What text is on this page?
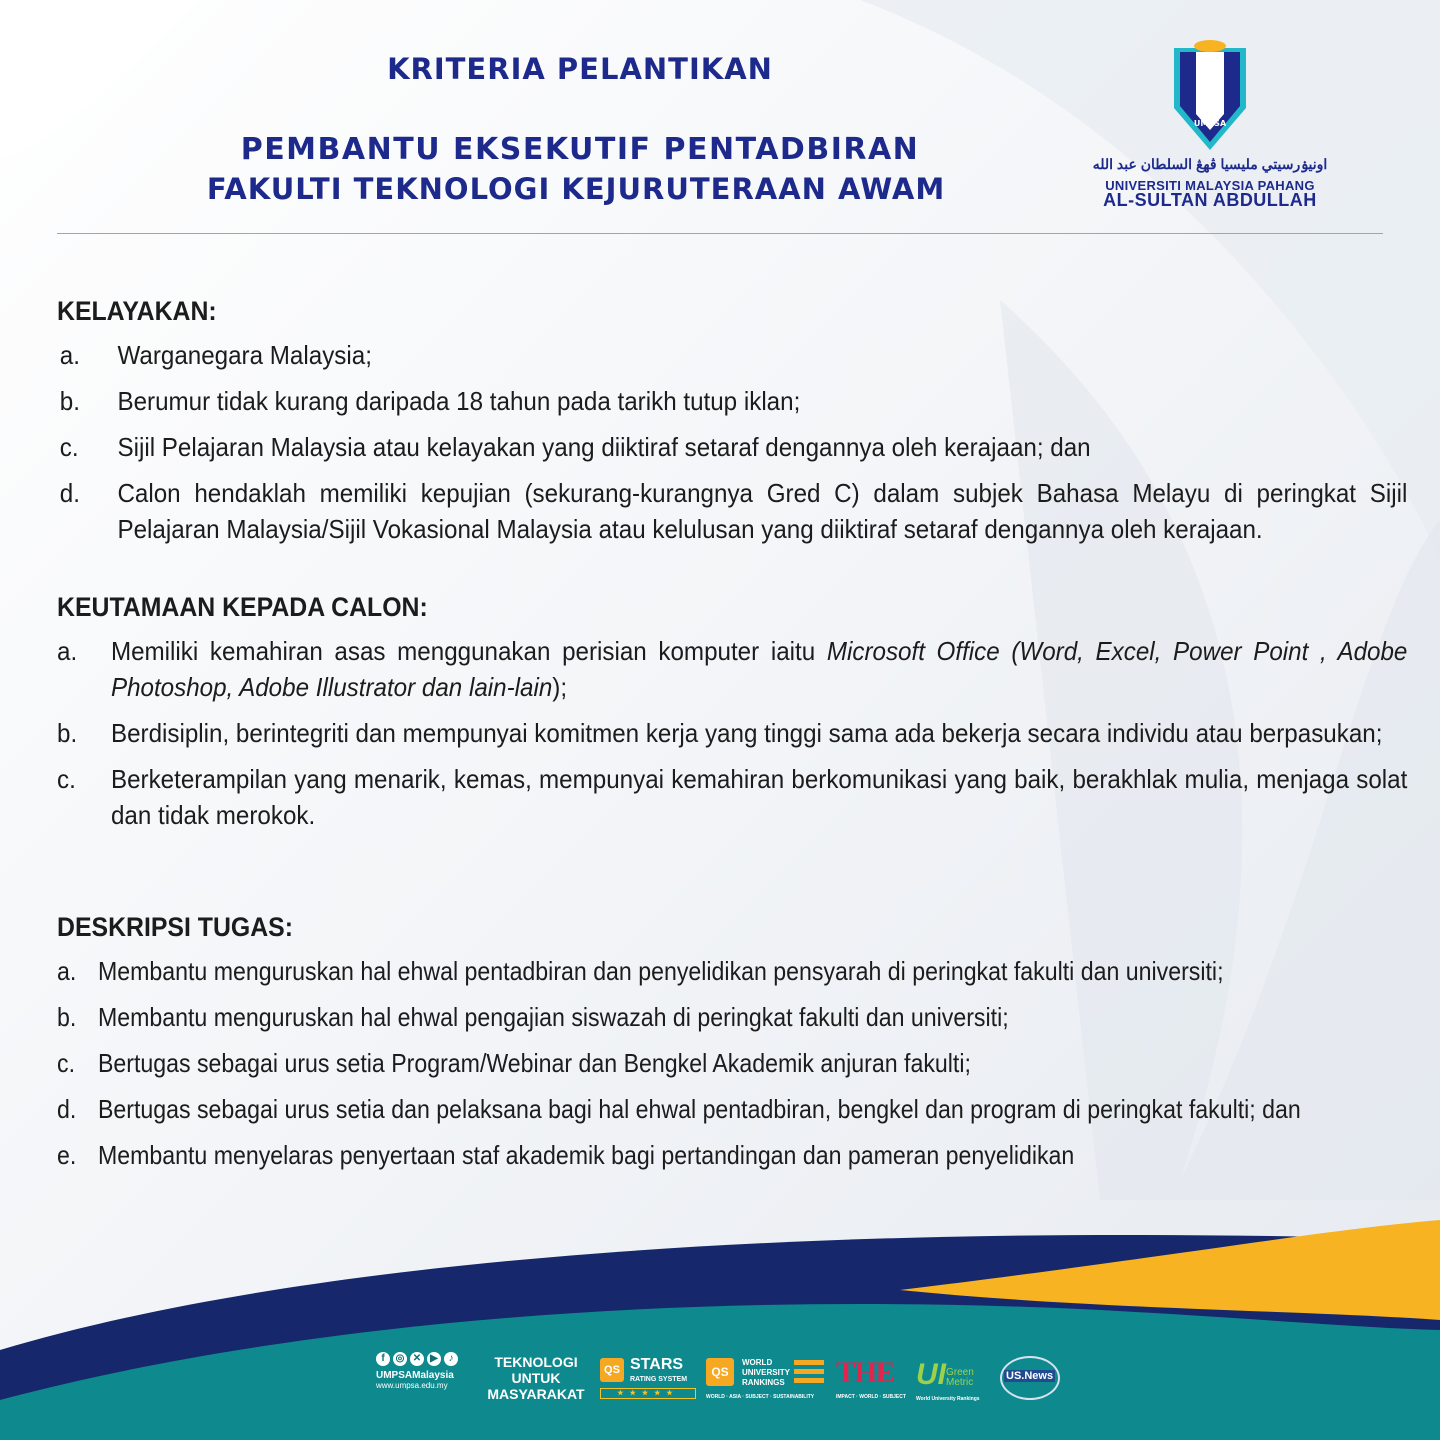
KRITERIA PELANTIKAN
PEMBANTU EKSEKUTIF PENTADBIRAN
FAKULTI TEKNOLOGI KEJURUTERAAN AWAM
UMPSA
اونيۏرسيتي مليسيا ڤهڠ السلطان عبد الله
UNIVERSITI MALAYSIA PAHANG
AL-SULTAN ABDULLAH
KELAYAKAN:
a.	Warganegara Malaysia;
b.	Berumur tidak kurang daripada 18 tahun pada tarikh tutup iklan;
c.	Sijil Pelajaran Malaysia atau kelayakan yang diiktiraf setaraf dengannya oleh kerajaan; dan
d.	Calon hendaklah memiliki kepujian (sekurang-kurangnya Gred C) dalam subjek Bahasa Melayu di peringkat Sijil Pelajaran Malaysia/Sijil Vokasional Malaysia atau kelulusan yang diiktiraf setaraf dengannya oleh kerajaan.
KEUTAMAAN KEPADA CALON:
a.	Memiliki kemahiran asas menggunakan perisian komputer iaitu Microsoft Office (Word, Excel, Power Point , Adobe Photoshop, Adobe Illustrator dan lain-lain);
b.	Berdisiplin, berintegriti dan mempunyai komitmen kerja yang tinggi sama ada bekerja secara individu atau berpasukan;
c.	Berketerampilan yang menarik, kemas, mempunyai kemahiran berkomunikasi yang baik, berakhlak mulia, menjaga solat dan tidak merokok.
DESKRIPSI TUGAS:
a. Membantu menguruskan hal ehwal pentadbiran dan penyelidikan pensyarah di peringkat fakulti dan universiti;
b. Membantu menguruskan hal ehwal pengajian siswazah di peringkat fakulti dan universiti;
c. Bertugas sebagai urus setia Program/Webinar dan Bengkel Akademik anjuran fakulti;
d. Bertugas sebagai urus setia dan pelaksana bagi hal ehwal pentadbiran, bengkel dan program di peringkat fakulti; dan
e. Membantu menyelaras penyertaan staf akademik bagi pertandingan dan pameran penyelidikan
f	◎ ✕ ▶	♪
UMPSAMalaysia
www.umpsa.edu.my
TEKNOLOGI
UNTUK
MASYARAKAT
QS STARS
RATING SYSTEM
★★★★★
QS
WORLD UNIVERSITY RANKINGS
WORLD · ASIA · SUBJECT · SUSTAINABILITY
THE
IMPACT · WORLD · SUBJECT
UI Green Metric
World University Rankings
US.News
